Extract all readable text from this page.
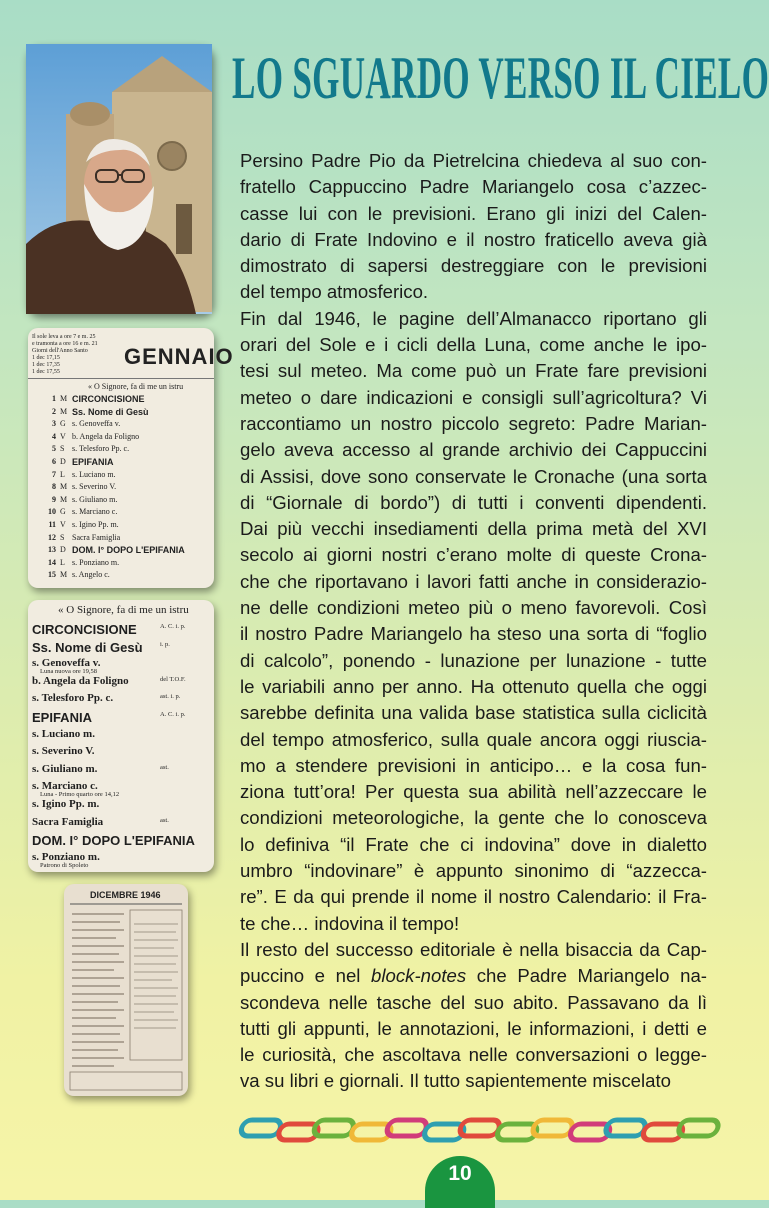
LO SGUARDO VERSO IL CIELO
Il sole leva a ore 7 e m. 25
e tramonta a ore 16 e m. 21
Giorni dell'Anno Santo
1 dec 17,15
1 dec 17,35
1 dec 17,55
GENNAIO
« O Signore, fa di me un istru
1 M CIRCONCISIONE
2 M Ss. Nome di Gesù
3 G s. Genoveffa v.
4 V b. Angela da Foligno
5 S s. Telesforo Pp. c.
6 D EPIFANIA
7 L s. Luciano m.
8 M s. Severino V.
9 M s. Giuliano m.
10 G s. Marciano c.
11 V s. Igino Pp. m.
12 S Sacra Famiglia
13 D DOM. I° DOPO L'EPIFANIA
14 L s. Ponziano m.
15 M s. Angelo c.
« O Signore, fa di me un istru
CIRCONCISIONE	A. C. i. p.
Ss. Nome di Gesù	i. p.
s. Genoveffa v.
Luna nuova ore 19,58
b. Angela da Foligno	del T.O.F.
s. Telesforo Pp. c.	ast. i. p.
EPIFANIA	A. C. i. p.
s. Luciano m.
s. Severino V.
s. Giuliano m.	ast.
s. Marciano c.
Luna - Primo quarto ore 14,12
s. Igino Pp. m.
Sacra Famiglia	ast.
DOM. I° DOPO L'EPIFANIA
s. Ponziano m.
Patrono di Spoleto
DICEMBRE 1946

Persino Padre Pio da Pietrelcina chiedeva al suo con-
fratello Cappuccino Padre Mariangelo cosa c’azzec-
casse lui con le previsioni. Erano gli inizi del Calen-
dario di Frate Indovino e il nostro fraticello aveva già
dimostrato di sapersi destreggiare con le previsioni
del tempo atmosferico.

Fin dal 1946, le pagine dell’Almanacco riportano gli
orari del Sole e i cicli della Luna, come anche le ipo-
tesi sul meteo. Ma come può un Frate fare previsioni
meteo o dare indicazioni e consigli sull’agricoltura? Vi
raccontiamo un nostro piccolo segreto: Padre Marian-
gelo aveva accesso al grande archivio dei Cappuccini
di Assisi, dove sono conservate le Cronache (una sorta
di “Giornale di bordo”) di tutti i conventi dipendenti.
Dai più vecchi insediamenti della prima metà del XVI
secolo ai giorni nostri c’erano molte di queste Crona-
che che riportavano i lavori fatti anche in considerazio-
ne delle condizioni meteo più o meno favorevoli. Così
il nostro Padre Mariangelo ha steso una sorta di “foglio
di calcolo”, ponendo - lunazione per lunazione - tutte
le variabili anno per anno. Ha ottenuto quella che oggi
sarebbe definita una valida base statistica sulla ciclicità
del tempo atmosferico, sulla quale ancora oggi riuscia-
mo a stendere previsioni in anticipo… e la cosa fun-
ziona tutt’ora! Per questa sua abilità nell’azzeccare le
condizioni meteorologiche, la gente che lo conosceva
lo definiva “il Frate che ci indovina” dove in dialetto
umbro “indovinare” è appunto sinonimo di “azzecca-
re”. E da qui prende il nome il nostro Calendario: il Fra-
te che… indovina il tempo!

Il resto del successo editoriale è nella bisaccia da Cap-
puccino e nel block-notes che Padre Mariangelo na-
scondeva nelle tasche del suo abito. Passavano da lì
tutti gli appunti, le annotazioni, le informazioni, i detti e
le curiosità, che ascoltava nelle conversazioni o legge-
va su libri e giornali. Il tutto sapientemente miscelato

10
